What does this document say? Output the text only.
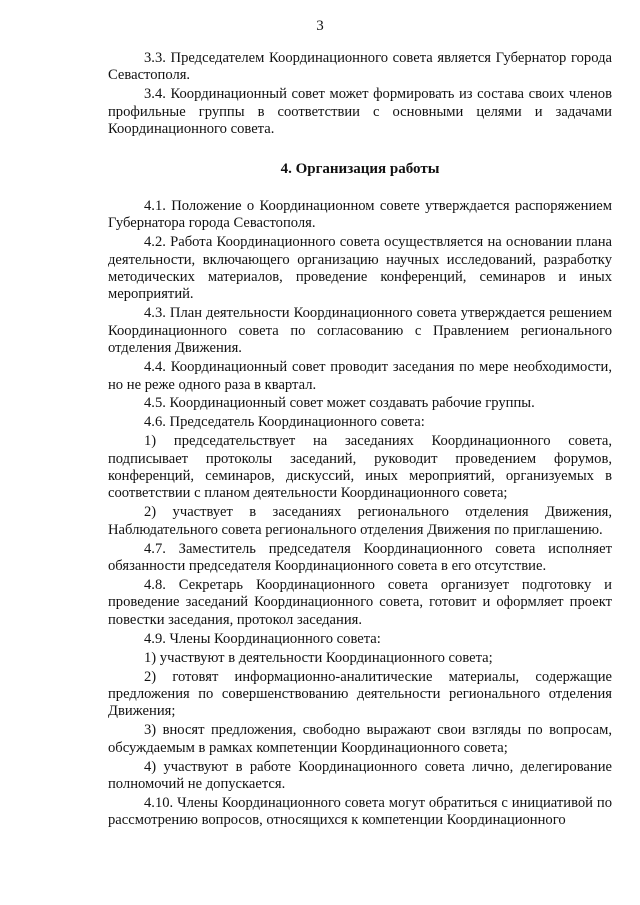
3

3.3. Председателем Координационного совета является Губернатор города Севастополя.

3.4. Координационный совет может формировать из состава своих членов профильные группы в соответствии с основными целями и задачами Координационного совета.

4. Организация работы

4.1. Положение о Координационном совете утверждается распоряжением Губернатора города Севастополя.

4.2. Работа Координационного совета осуществляется на основании плана деятельности, включающего организацию научных исследований, разработку методических материалов, проведение конференций, семинаров и иных мероприятий.

4.3. План деятельности Координационного совета утверждается решением Координационного совета по согласованию с Правлением регионального отделения Движения.

4.4. Координационный совет проводит заседания по мере необходимости, но не реже одного раза в квартал.

4.5. Координационный совет может создавать рабочие группы.

4.6. Председатель Координационного совета:

1) председательствует на заседаниях Координационного совета, подписывает протоколы заседаний, руководит проведением форумов, конференций, семинаров, дискуссий, иных мероприятий, организуемых в соответствии с планом деятельности Координационного совета;

2) участвует в заседаниях регионального отделения Движения, Наблюдательного совета регионального отделения Движения по приглашению.

4.7. Заместитель председателя Координационного совета исполняет обязанности председателя Координационного совета в его отсутствие.

4.8. Секретарь Координационного совета организует подготовку и проведение заседаний Координационного совета, готовит и оформляет проект повестки заседания, протокол заседания.

4.9. Члены Координационного совета:

1) участвуют в деятельности Координационного совета;

2) готовят информационно-аналитические материалы, содержащие предложения по совершенствованию деятельности регионального отделения Движения;

3) вносят предложения, свободно выражают свои взгляды по вопросам, обсуждаемым в рамках компетенции Координационного совета;

4) участвуют в работе Координационного совета лично, делегирование полномочий не допускается.

4.10. Члены Координационного совета могут обратиться с инициативой по рассмотрению вопросов, относящихся к компетенции Координационного
